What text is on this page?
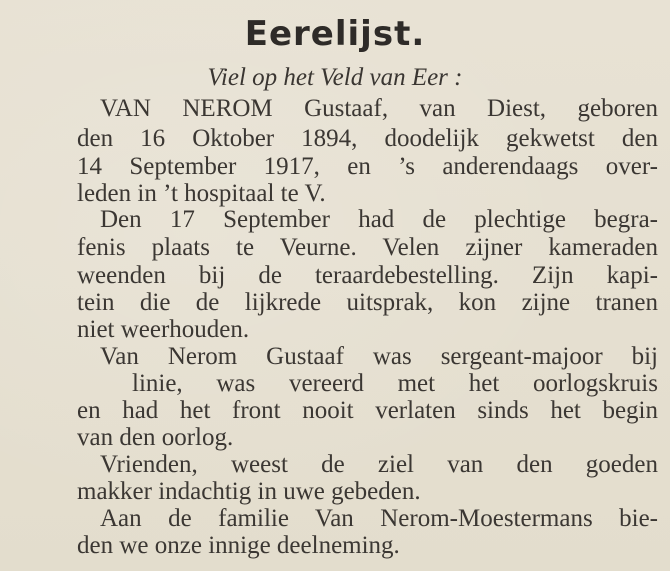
Eerelijst.
Viel op het Veld van Eer :
VAN NEROM Gustaaf, van Diest, geboren
den 16 Oktober 1894, doodelijk gekwetst den
14 September 1917, en ’s anderendaags over-
leden in ’t hospitaal te V.
Den 17 September had de plechtige begra-
fenis plaats te Veurne. Velen zijner kameraden
weenden bij de teraardebestelling. Zijn kapi-
tein die de lijkrede uitsprak, kon zijne tranen
niet weerhouden.
Van Nerom Gustaaf was sergeant-majoor bij
linie, was vereerd met het oorlogskruis
en had het front nooit verlaten sinds het begin
van den oorlog.
Vrienden, weest de ziel van den goeden
makker indachtig in uwe gebeden.
Aan de familie Van Nerom-Moestermans bie-
den we onze innige deelneming.
